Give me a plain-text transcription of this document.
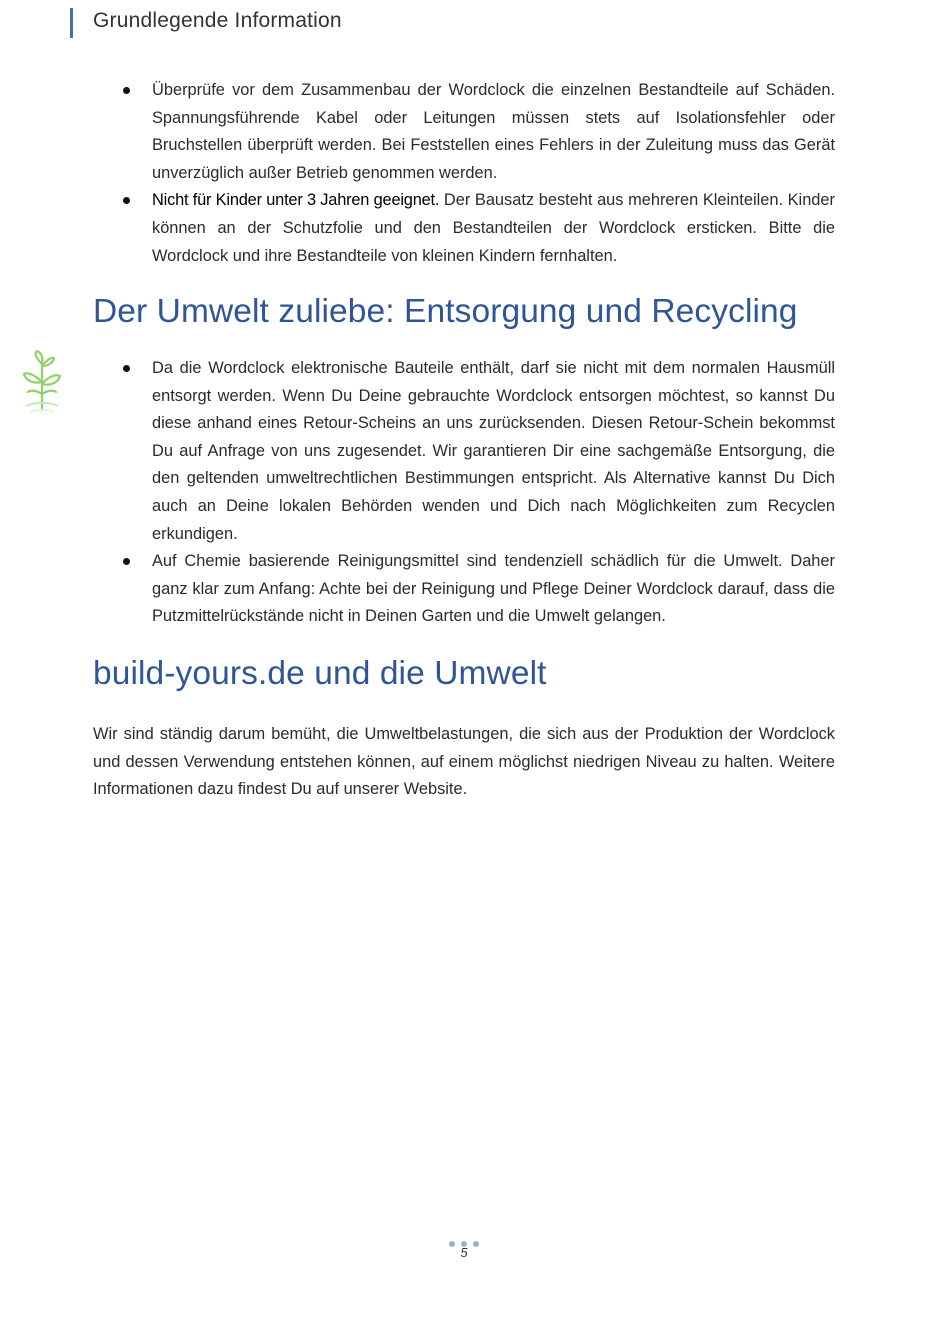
Grundlegende Information
Überprüfe vor dem Zusammenbau der Wordclock die einzelnen Bestandteile auf Schäden. Spannungsführende Kabel oder Leitungen müssen stets auf Isolationsfehler oder Bruchstellen überprüft werden. Bei Feststellen eines Fehlers in der Zuleitung muss das Gerät unverzüglich außer Betrieb genommen werden.
Nicht für Kinder unter 3 Jahren geeignet. Der Bausatz besteht aus mehreren Kleinteilen. Kinder können an der Schutzfolie und den Bestandteilen der Wordclock ersticken. Bitte die Wordclock und ihre Bestandteile von kleinen Kindern fernhalten.
Der Umwelt zuliebe: Entsorgung und Recycling
Da die Wordclock elektronische Bauteile enthält, darf sie nicht mit dem normalen Hausmüll entsorgt werden. Wenn Du Deine gebrauchte Wordclock entsorgen möchtest, so kannst Du diese anhand eines Retour-Scheins an uns zurücksenden. Diesen Retour-Schein bekommst Du auf Anfrage von uns zugesendet. Wir garantieren Dir eine sachgemäße Entsorgung, die den geltenden umweltrechtlichen Bestimmungen entspricht. Als Alternative kannst Du Dich auch an Deine lokalen Behörden wenden und Dich nach Möglichkeiten zum Recyclen erkundigen.
Auf Chemie basierende Reinigungsmittel sind tendenziell schädlich für die Umwelt. Daher ganz klar zum Anfang: Achte bei der Reinigung und Pflege Deiner Wordclock darauf, dass die Putzmittelrückstände nicht in Deinen Garten und die Umwelt gelangen.
build-yours.de und die Umwelt

Wir sind ständig darum bemüht, die Umweltbelastungen, die sich aus der Produktion der Wordclock und dessen Verwendung entstehen können, auf einem möglichst niedrigen Niveau zu halten. Weitere Informationen dazu findest Du auf unserer Website.

5
